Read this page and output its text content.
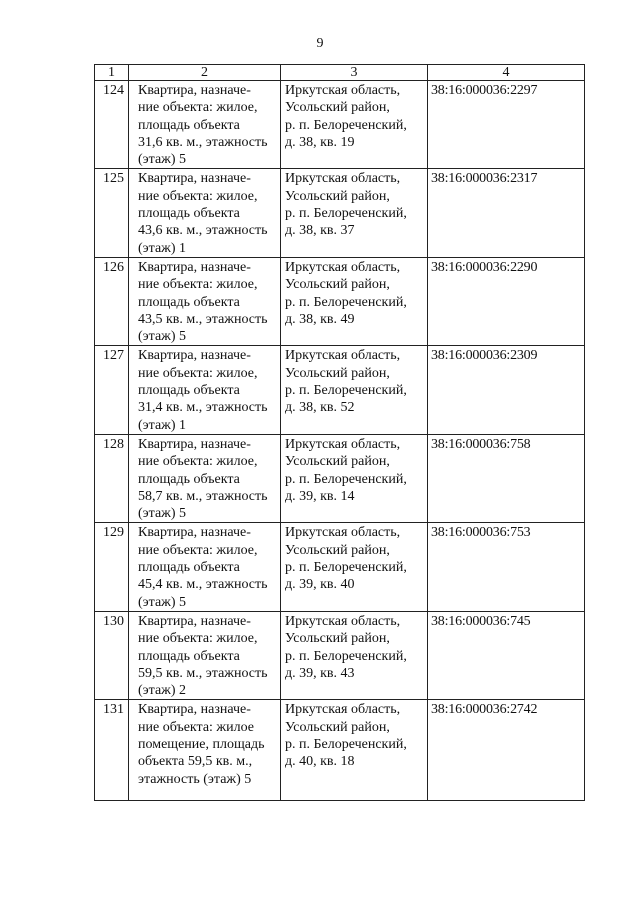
9
1	2	3	4
124	Квартира, назначе-
ние объекта: жилое,
площадь объекта
31,6 кв. м., этажность
(этаж) 5	Иркутская область,
Усольский район,
р. п. Белореченский,
д. 38, кв. 19	38:16:000036:2297
125	Квартира, назначе-
ние объекта: жилое,
площадь объекта
43,6 кв. м., этажность
(этаж) 1	Иркутская область,
Усольский район,
р. п. Белореченский,
д. 38, кв. 37	38:16:000036:2317
126	Квартира, назначе-
ние объекта: жилое,
площадь объекта
43,5 кв. м., этажность
(этаж) 5	Иркутская область,
Усольский район,
р. п. Белореченский,
д. 38, кв. 49	38:16:000036:2290
127	Квартира, назначе-
ние объекта: жилое,
площадь объекта
31,4 кв. м., этажность
(этаж) 1	Иркутская область,
Усольский район,
р. п. Белореченский,
д. 38, кв. 52	38:16:000036:2309
128	Квартира, назначе-
ние объекта: жилое,
площадь объекта
58,7 кв. м., этажность
(этаж) 5	Иркутская область,
Усольский район,
р. п. Белореченский,
д. 39, кв. 14	38:16:000036:758
129	Квартира, назначе-
ние объекта: жилое,
площадь объекта
45,4 кв. м., этажность
(этаж) 5	Иркутская область,
Усольский район,
р. п. Белореченский,
д. 39, кв. 40	38:16:000036:753
130	Квартира, назначе-
ние объекта: жилое,
площадь объекта
59,5 кв. м., этажность
(этаж) 2	Иркутская область,
Усольский район,
р. п. Белореченский,
д. 39, кв. 43	38:16:000036:745
131	Квартира, назначе-
ние объекта: жилое
помещение, площадь
объекта 59,5 кв. м.,
этажность (этаж) 5	Иркутская область,
Усольский район,
р. п. Белореченский,
д. 40, кв. 18	38:16:000036:2742
